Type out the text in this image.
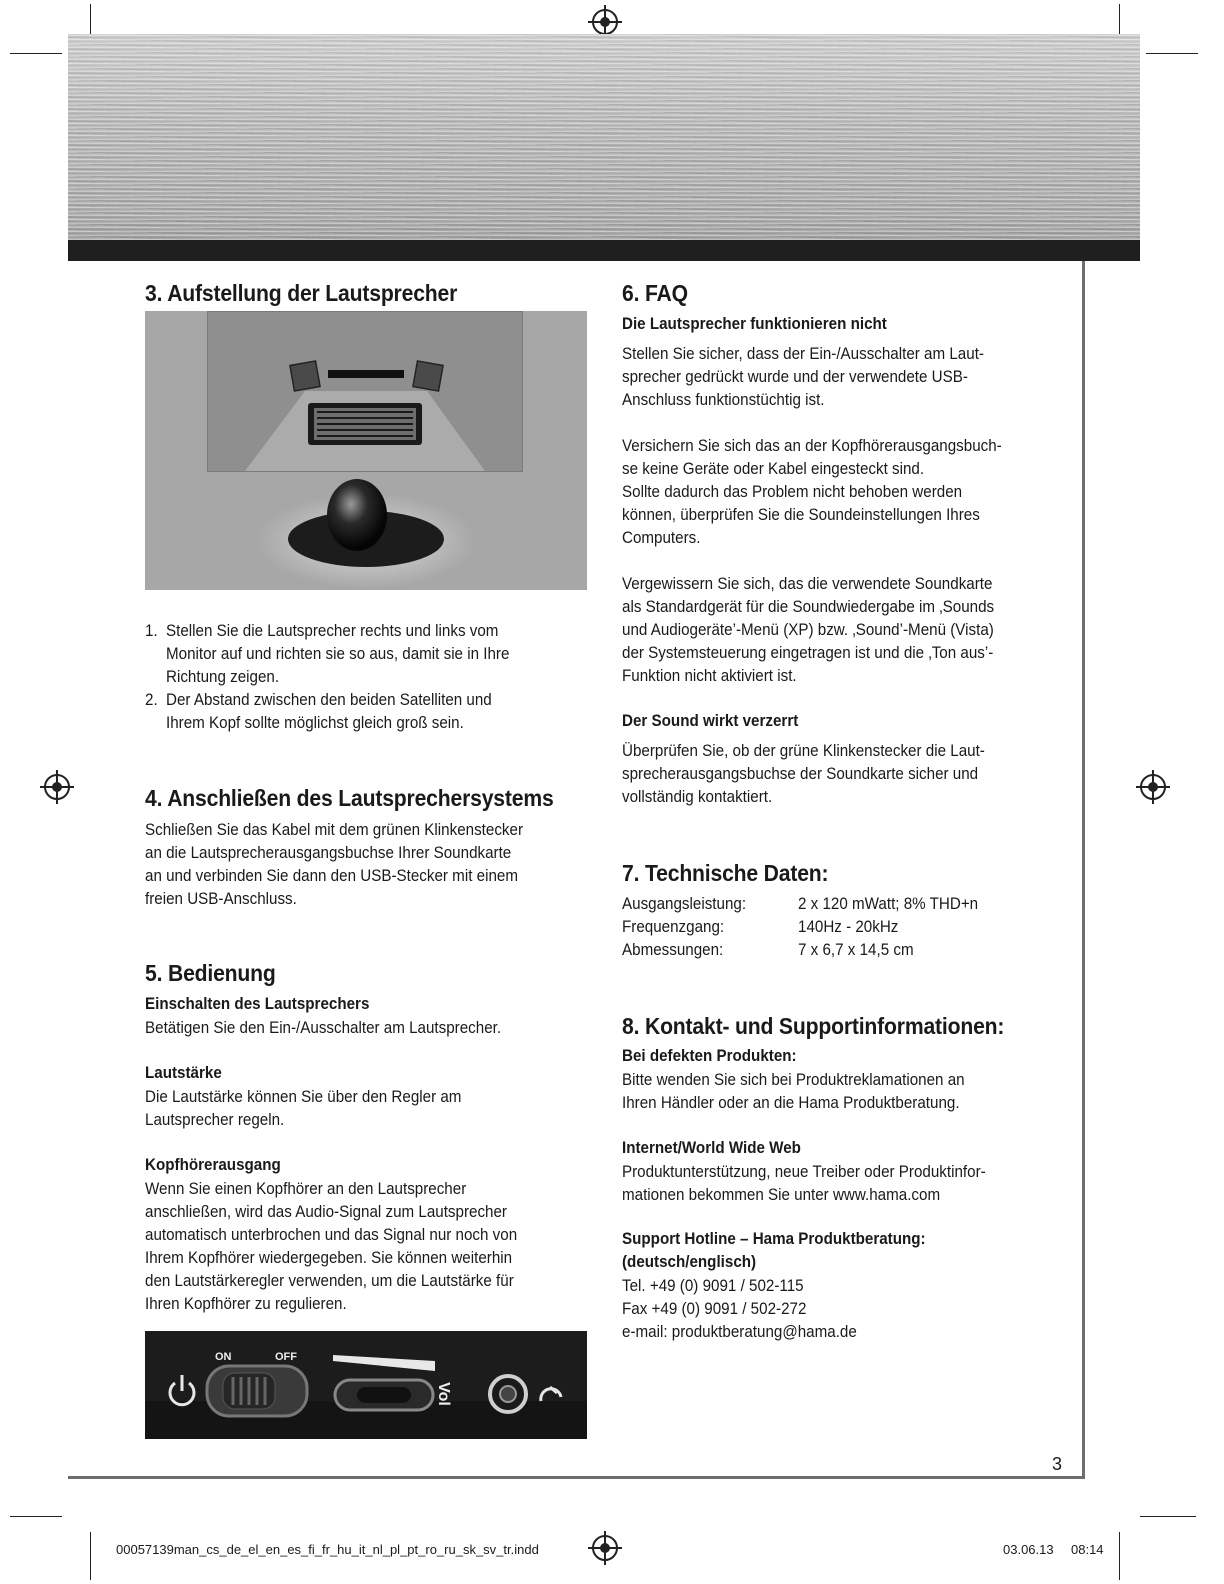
3. Aufstellung der Lautsprecher
1. Stellen Sie die Lautsprecher rechts und links vom
Monitor auf und richten sie so aus, damit sie in Ihre
Richtung zeigen.
2. Der Abstand zwischen den beiden Satelliten und
Ihrem Kopf sollte möglichst gleich groß sein.
4. Anschließen des Lautsprechersystems
Schließen Sie das Kabel mit dem grünen Klinkenstecker
an die Lautsprecherausgangsbuchse Ihrer Soundkarte
an und verbinden Sie dann den USB-Stecker mit einem
freien USB-Anschluss.
5. Bedienung
Einschalten des Lautsprechers
Betätigen Sie den Ein-/Ausschalter am Lautsprecher.
Lautstärke
Die Lautstärke können Sie über den Regler am
Lautsprecher regeln.
Kopfhörerausgang
Wenn Sie einen Kopfhörer an den Lautsprecher
anschließen, wird das Audio-Signal zum Lautsprecher
automatisch unterbrochen und das Signal nur noch von
Ihrem Kopfhörer wiedergegeben. Sie können weiterhin
den Lautstärkeregler verwenden, um die Lautstärke für
Ihren Kopfhörer zu regulieren.
ON	OFF
Vol
6. FAQ
Die Lautsprecher funktionieren nicht
Stellen Sie sicher, dass der Ein-/Ausschalter am Laut-
sprecher gedrückt wurde und der verwendete USB-
Anschluss funktionstüchtig ist.
Versichern Sie sich das an der Kopfhörerausgangsbuch-
se keine Geräte oder Kabel eingesteckt sind.
Sollte dadurch das Problem nicht behoben werden
können, überprüfen Sie die Soundeinstellungen Ihres
Computers.
Vergewissern Sie sich, das die verwendete Soundkarte
als Standardgerät für die Soundwiedergabe im ‚Sounds
und Audiogeräte’-Menü (XP) bzw. ‚Sound’-Menü (Vista)
der Systemsteuerung eingetragen ist und die ‚Ton aus’-
Funktion nicht aktiviert ist.
Der Sound wirkt verzerrt
Überprüfen Sie, ob der grüne Klinkenstecker die Laut-
sprecherausgangsbuchse der Soundkarte sicher und
vollständig kontaktiert.
7. Technische Daten:
Ausgangsleistung:	2 x 120 mWatt; 8% THD+n
Frequenzgang:	140Hz - 20kHz
Abmessungen:	7 x 6,7 x 14,5 cm
8. Kontakt- und Supportinformationen:
Bei defekten Produkten:
Bitte wenden Sie sich bei Produktreklamationen an
Ihren Händler oder an die Hama Produktberatung.
Internet/World Wide Web
Produktunterstützung, neue Treiber oder Produktinfor-
mationen bekommen Sie unter www.hama.com
Support Hotline – Hama Produktberatung:
(deutsch/englisch)
Tel. +49 (0) 9091 / 502-115
Fax +49 (0) 9091 / 502-272
e-mail: produktberatung@hama.de
3
00057139man_cs_de_el_en_es_fi_fr_hu_it_nl_pl_pt_ro_ru_sk_sv_tr.indd	03.06.13 08:14
